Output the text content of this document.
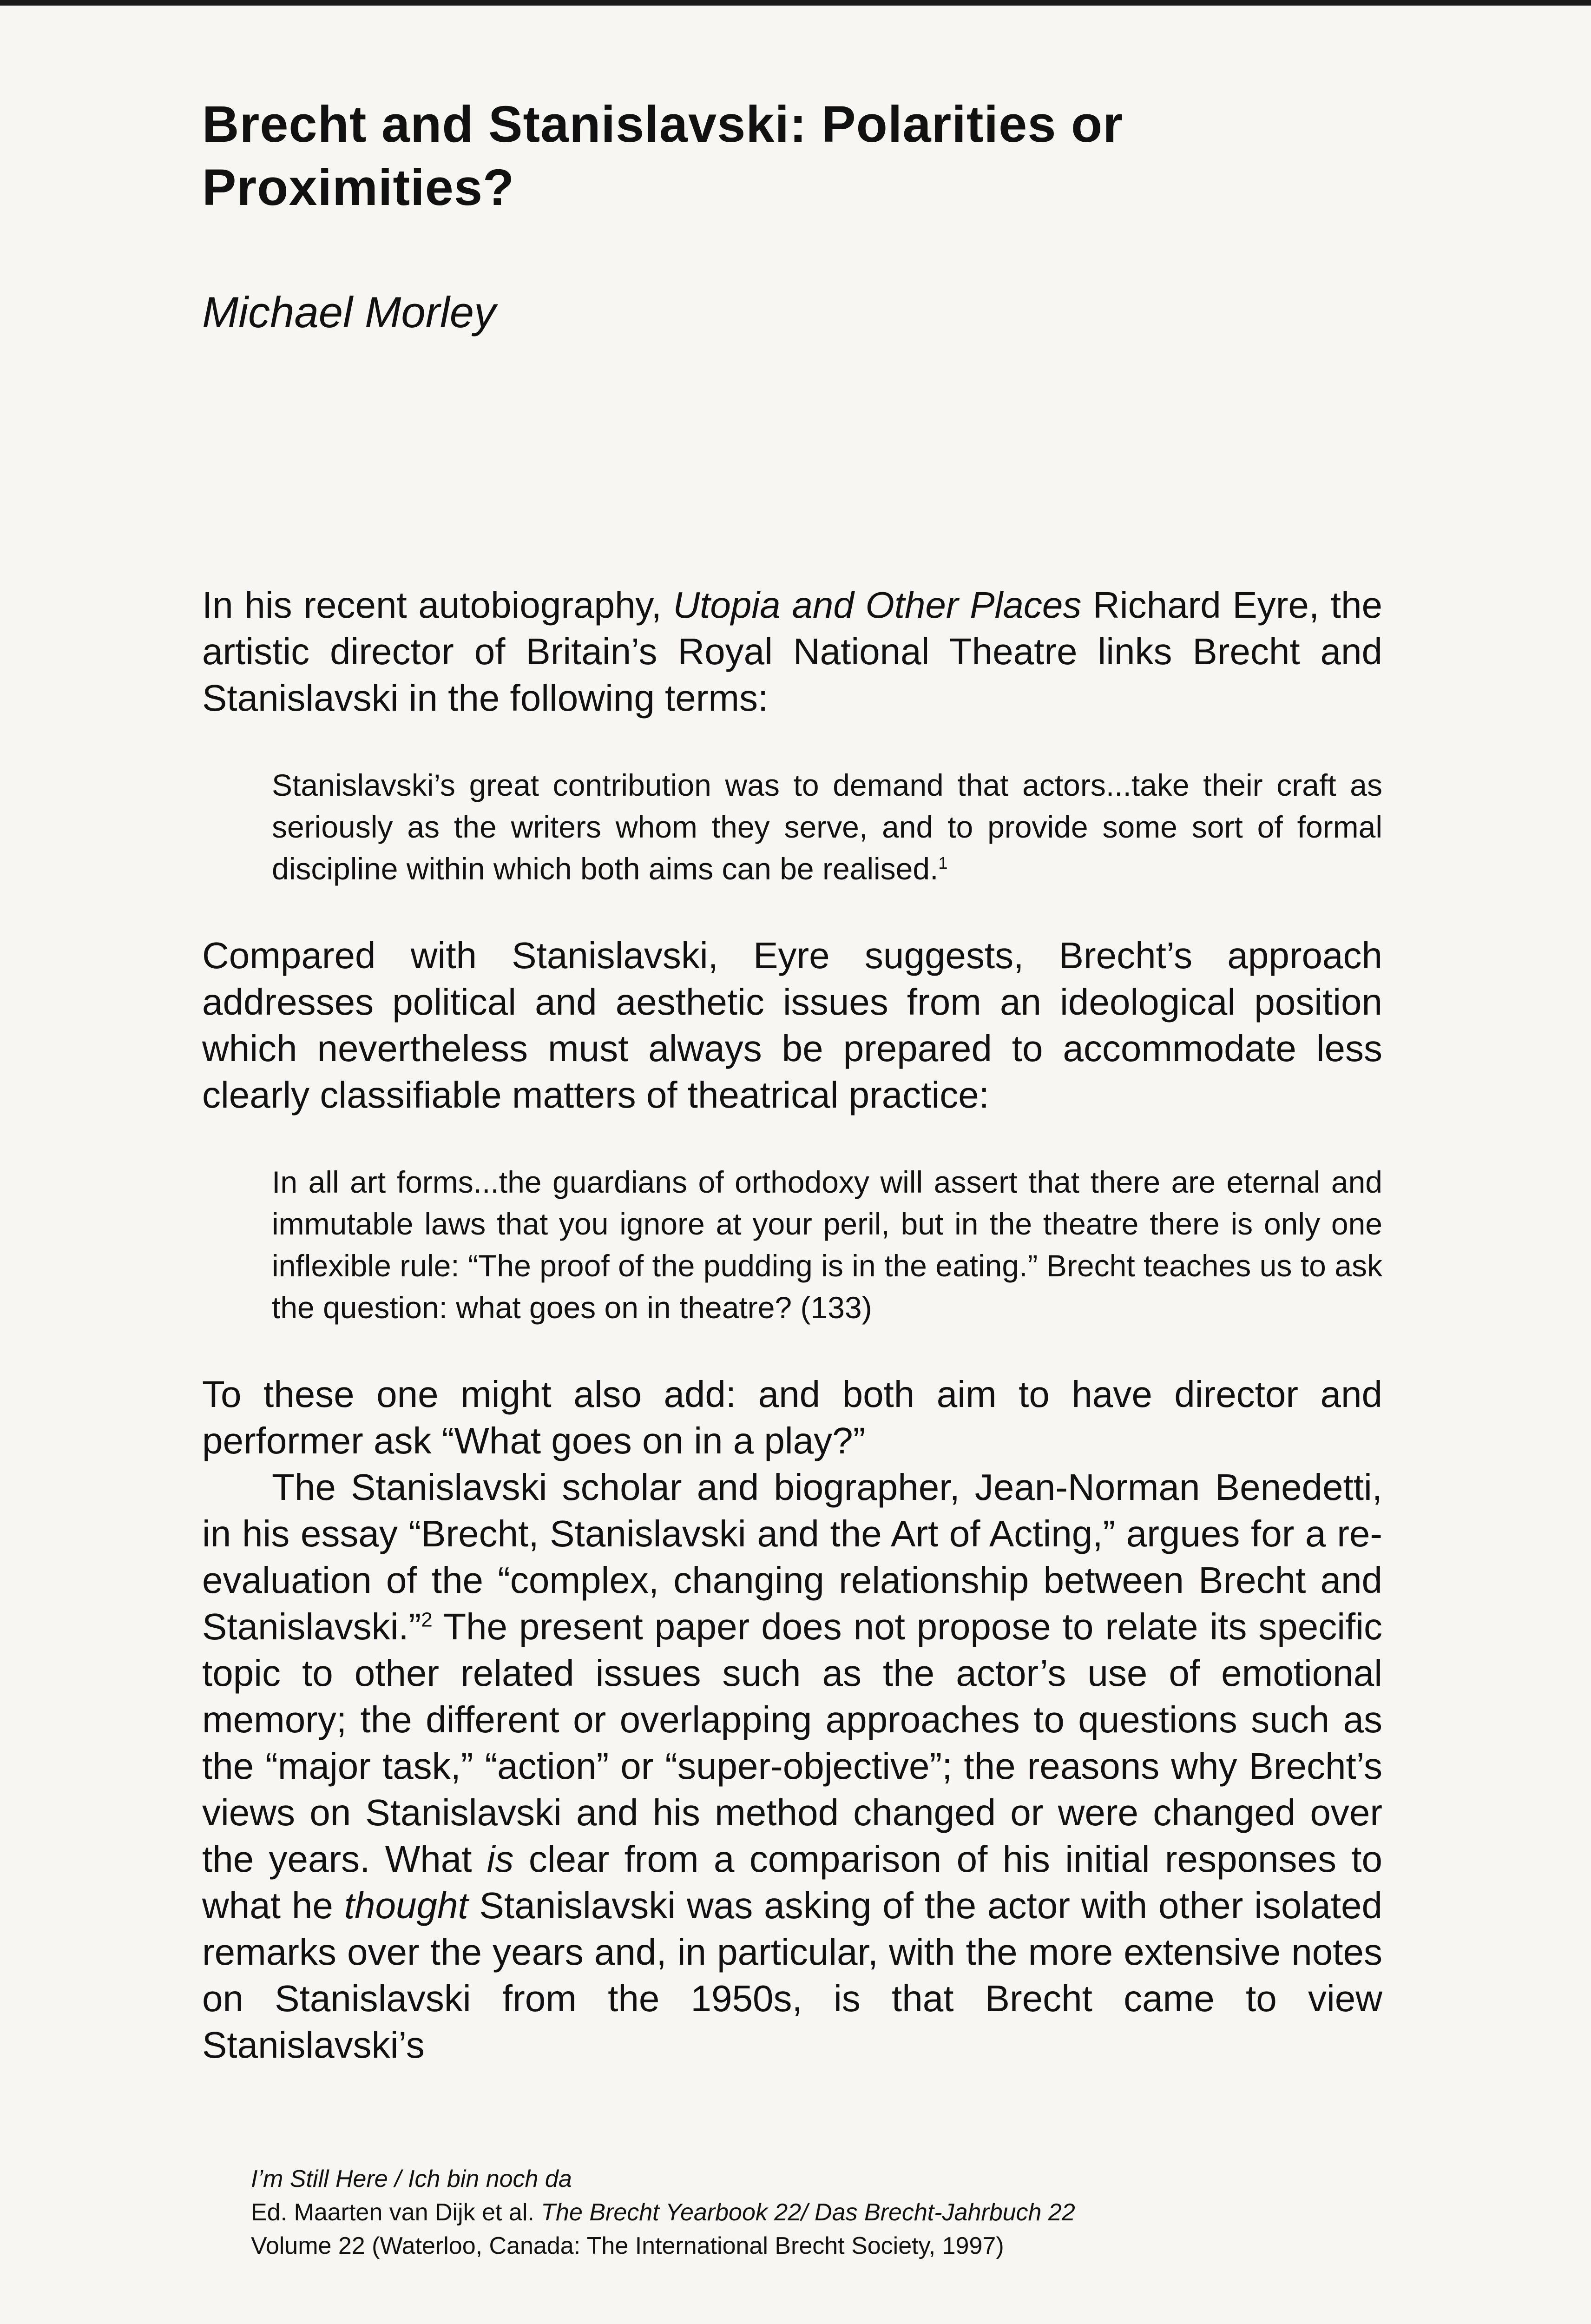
Brecht and Stanislavski: Polarities or Proximities?
Michael Morley

In his recent autobiography, Utopia and Other Places Richard Eyre, the artistic director of Britain’s Royal National Theatre links Brecht and Stanislavski in the following terms:

Stanislavski’s great contribution was to demand that actors...take their craft as seriously as the writers whom they serve, and to provide some sort of formal discipline within which both aims can be realised.$^1$

Compared with Stanislavski, Eyre suggests, Brecht’s approach addresses political and aesthetic issues from an ideological position which nevertheless must always be prepared to accommodate less clearly classifiable matters of theatrical practice:

In all art forms...the guardians of orthodoxy will assert that there are eternal and immutable laws that you ignore at your peril, but in the theatre there is only one inflexible rule: “The proof of the pudding is in the eating.” Brecht teaches us to ask the question: what goes on in theatre? (133)

To these one might also add: and both aim to have director and performer ask “What goes on in a play?”

The Stanislavski scholar and biographer, Jean-Norman Benedetti, in his essay “Brecht, Stanislavski and the Art of Acting,” argues for a re-evaluation of the “complex, changing relationship between Brecht and Stanislavski.”$^2$ The present paper does not propose to relate its specific topic to other related issues such as the actor’s use of emotional memory; the different or overlapping approaches to questions such as the “major task,” “action” or “super-objective”; the reasons why Brecht’s views on Stanislavski and his method changed or were changed over the years. What is clear from a comparison of his initial responses to what he thought Stanislavski was asking of the actor with other isolated remarks over the years and, in particular, with the more extensive notes on Stanislavski from the 1950s, is that Brecht came to view Stanislavski’s

I’m Still Here / Ich bin noch da
Ed. Maarten van Dijk et al. The Brecht Yearbook 22/ Das Brecht-Jahrbuch 22
Volume 22 (Waterloo, Canada: The International Brecht Society, 1997)
